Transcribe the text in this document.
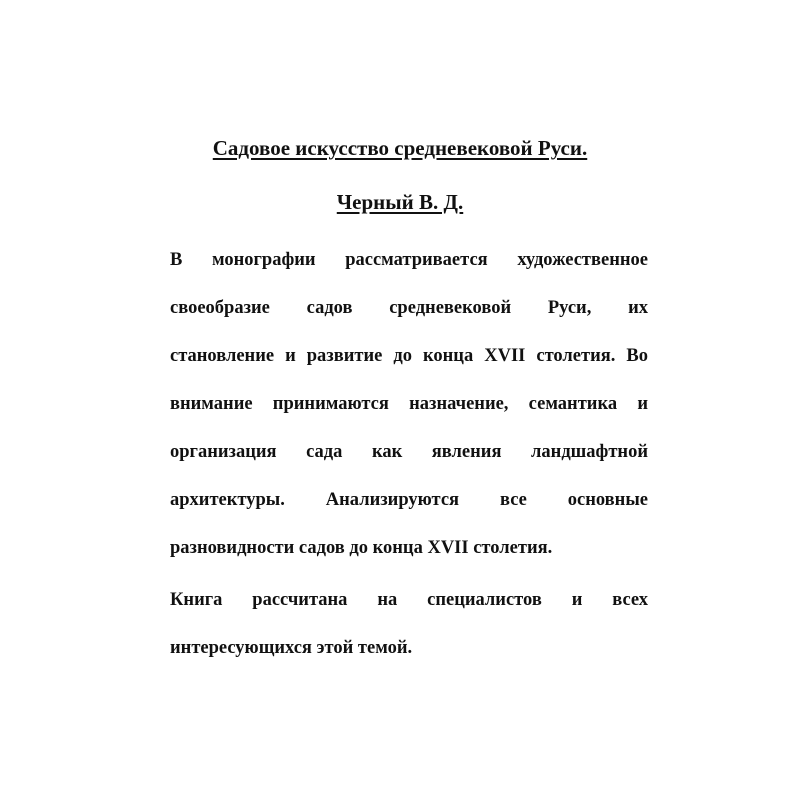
Садовое искусство средневековой Руси.
Черный В. Д.
В монографии рассматривается художественное
своеобразие садов средневековой Руси, их
становление и развитие до конца XVII столетия. Во
внимание принимаются назначение, семантика и
организация сада как явления ландшафтной
архитектуры. Анализируются все основные
разновидности садов до конца XVII столетия.
Книга рассчитана на специалистов и всех
интересующихся этой темой.
